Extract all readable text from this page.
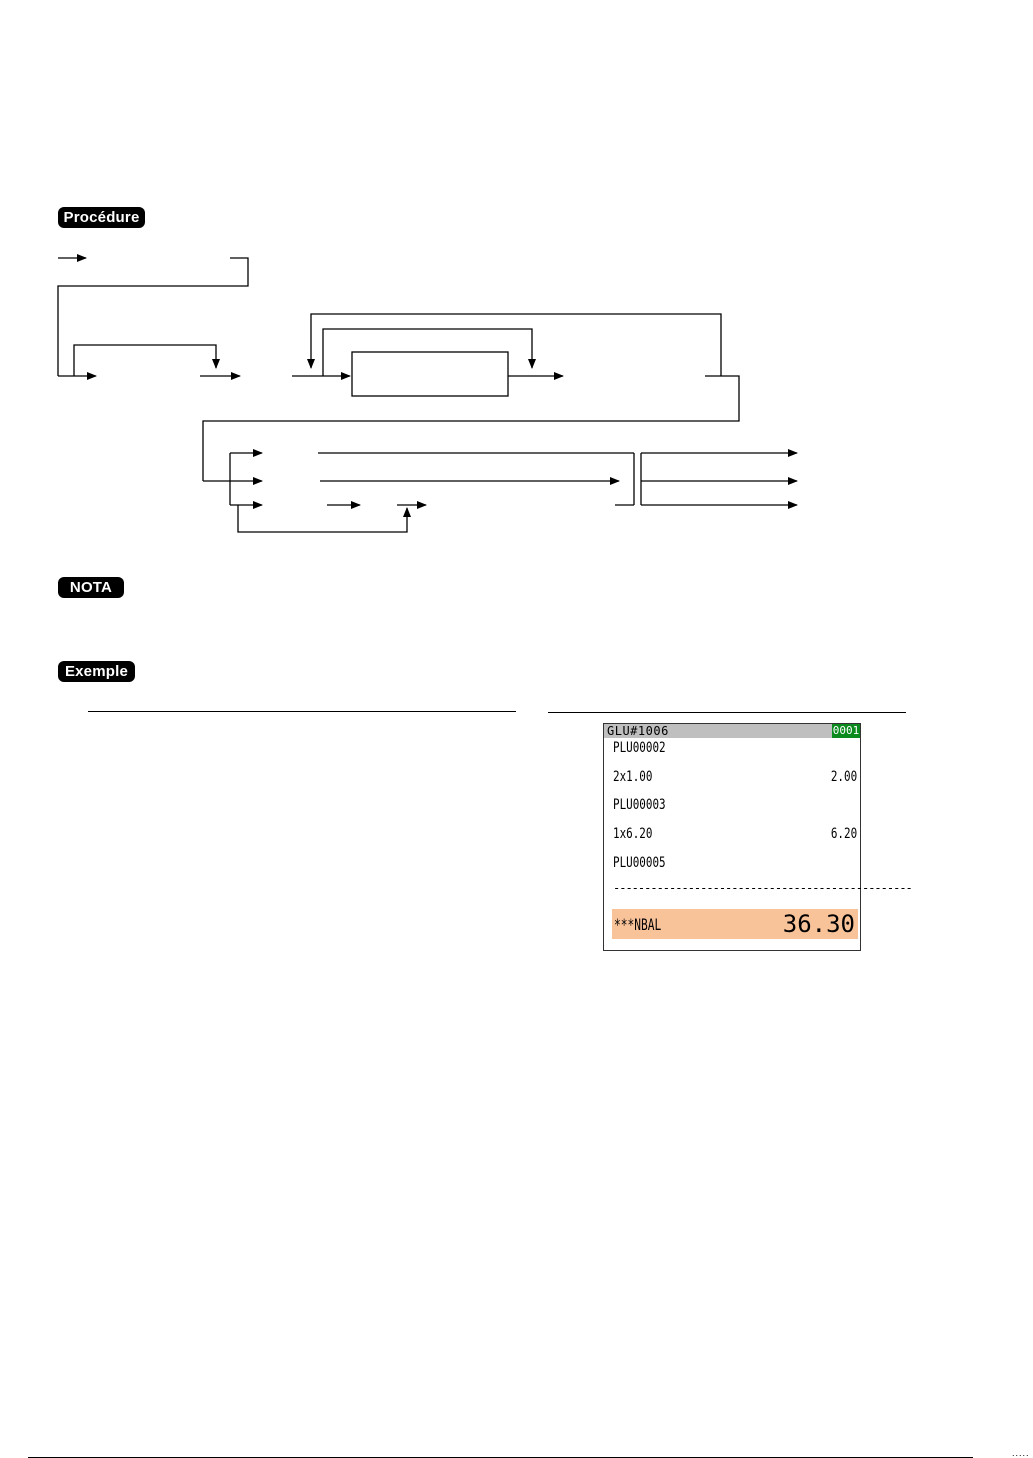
Procédure
NOTA
Exemple
GLU#1006	0001
PLU00002
2x1.00	2.00
PLU00003
1x6.20	6.20
PLU00005
------------------------------------------------
***NBAL	36.30
.....
